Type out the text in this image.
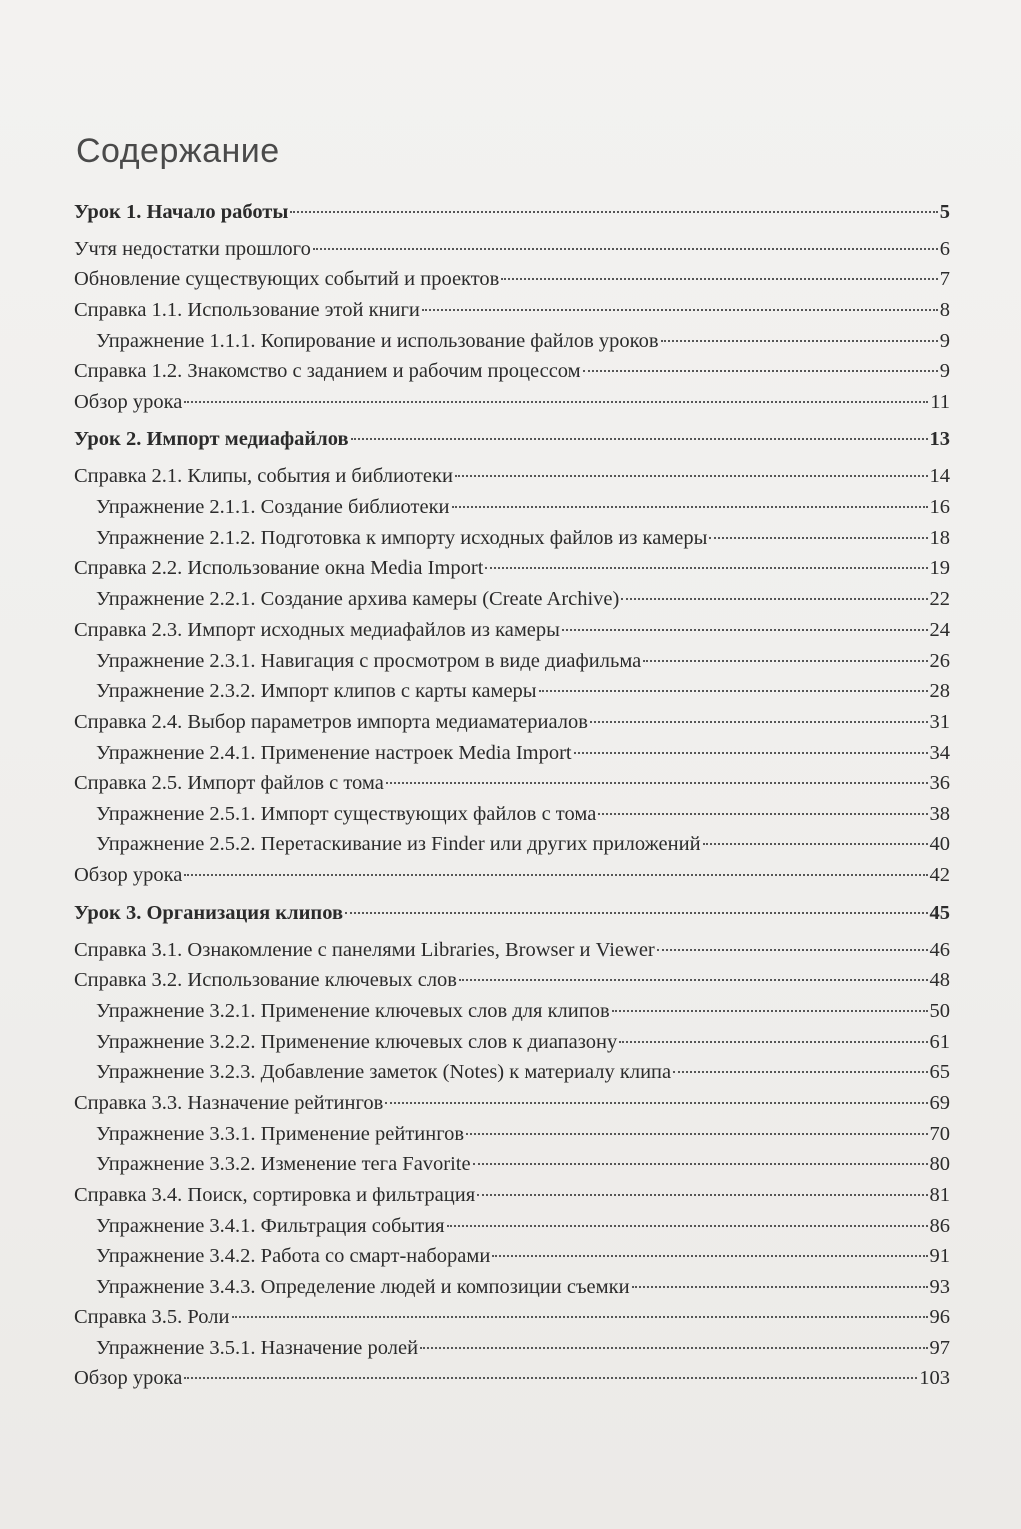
Содержание
Урок 1. Начало работы	5
Учтя недостатки прошлого	6
Обновление существующих событий и проектов	7
Справка 1.1. Использование этой книги	8
Упражнение 1.1.1. Копирование и использование файлов уроков	9
Справка 1.2. Знакомство с заданием и рабочим процессом	9
Обзор урока	11
Урок 2. Импорт медиафайлов	13
Справка 2.1. Клипы, события и библиотеки	14
Упражнение 2.1.1. Создание библиотеки	16
Упражнение 2.1.2. Подготовка к импорту исходных файлов из камеры	18
Справка 2.2. Использование окна Media Import	19
Упражнение 2.2.1. Создание архива камеры (Create Archive)	22
Справка 2.3. Импорт исходных медиафайлов из камеры	24
Упражнение 2.3.1. Навигация с просмотром в виде диафильма	26
Упражнение 2.3.2. Импорт клипов с карты камеры	28
Справка 2.4. Выбор параметров импорта медиаматериалов	31
Упражнение 2.4.1. Применение настроек Media Import	34
Справка 2.5. Импорт файлов с тома	36
Упражнение 2.5.1. Импорт существующих файлов с тома	38
Упражнение 2.5.2. Перетаскивание из Finder или других приложений	40
Обзор урока	42
Урок 3. Организация клипов	45
Справка 3.1. Ознакомление с панелями Libraries, Browser и Viewer	46
Справка 3.2. Использование ключевых слов	48
Упражнение 3.2.1. Применение ключевых слов для клипов	50
Упражнение 3.2.2. Применение ключевых слов к диапазону	61
Упражнение 3.2.3. Добавление заметок (Notes) к материалу клипа	65
Справка 3.3. Назначение рейтингов	69
Упражнение 3.3.1. Применение рейтингов	70
Упражнение 3.3.2. Изменение тега Favorite	80
Справка 3.4. Поиск, сортировка и фильтрация	81
Упражнение 3.4.1. Фильтрация события	86
Упражнение 3.4.2. Работа со смарт-наборами	91
Упражнение 3.4.3. Определение людей и композиции съемки	93
Справка 3.5. Роли	96
Упражнение 3.5.1. Назначение ролей	97
Обзор урока	103
